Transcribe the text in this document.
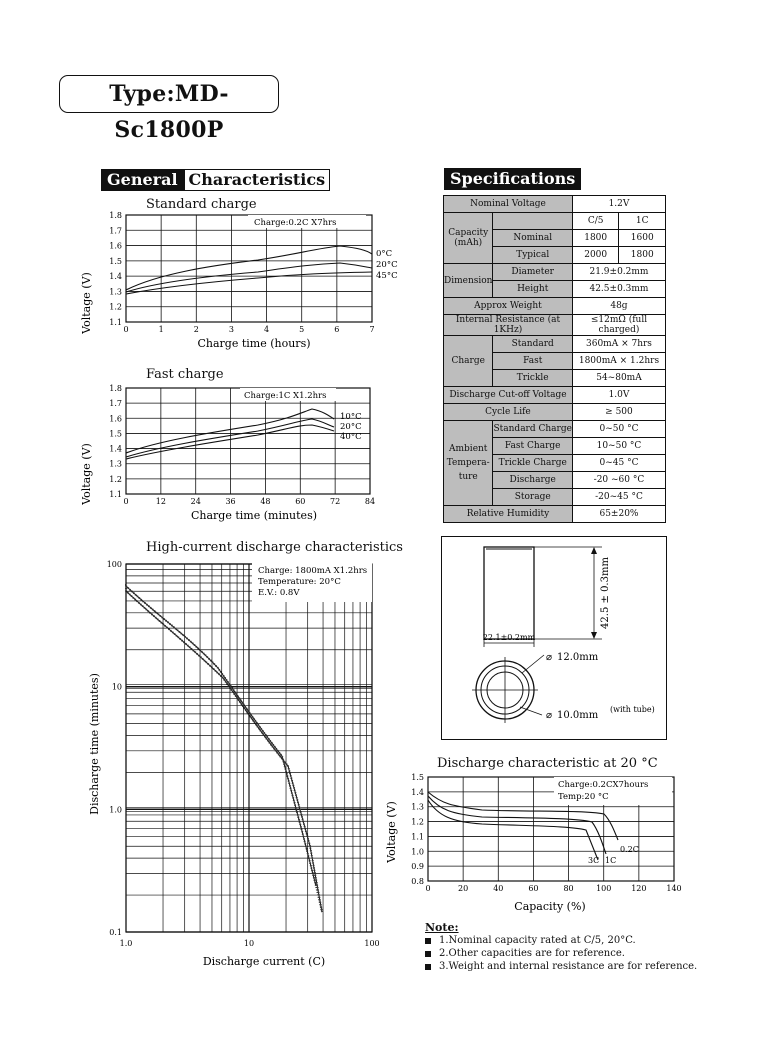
Type:MD-Sc1800P
General Characteristics	Specifications
Standard charge
1.8
1.7
1.6
1.5
1.4
1.3
1.2
1.1
0	1	2	3	4	5	6	7
Voltage (V)
Charge time (hours)
Charge:0.2C X7hrs
0°C
20°C
45°C
Fast charge
1.8
1.7
1.6
1.5
1.4
1.3
1.2
1.1
0	12	24	36	48	60	72	84
Voltage (V)
Charge time (minutes)
Charge:1C X1.2hrs
10°C
20°C
40°C
High-current discharge characteristics
100
10
1.0
0.1
1.0	10	100
Discharge time (minutes)
Discharge current (C)
Charge: 1800mA X1.2hrs
Temperature: 20°C
E.V.: 0.8V
Nominal Voltage		1.2V	
Capacity (mAh)		C/5	1C
	Nominal	1800	1600
	Typical	2000	1800
Dimension	Diameter	21.9±0.2mm	
	Height	42.5±0.3mm	
Approx Weight		48g	
Internal Resistance (at 1KHz)		≤12mΩ (full charged)	
Charge	Standard	360mA × 7hrs	
	Fast	1800mA × 1.2hrs	
	Trickle	54~80mA	
Discharge Cut-off Voltage		1.0V	
Cycle Life		≥ 500	
Ambient Tempera- ture	Standard Charge	0~50 °C	
	Fast Charge	10~50 °C	
	Trickle Charge	0~45 °C	
	Discharge	-20 ~60 °C	
	Storage	-20~45 °C	
Relative Humidity		65±20%	
42.5 ± 0.3mm
22.1±0.2mm
⌀ 12.0mm
⌀ 10.0mm
(with tube)
Discharge characteristic at 20 °C
1.5
1.4
1.3
1.2
1.1
1.0
0.9
0.8
0	20	40	60	80	100 120 140
Voltage (V)
Capacity (%)
Charge:0.2CX7hours
Temp:20 °C
0.2C
1C
3C
Note:
1.Nominal capacity rated at C/5, 20°C.
2.Other capacities are for reference.
3.Weight and internal resistance are for reference.
